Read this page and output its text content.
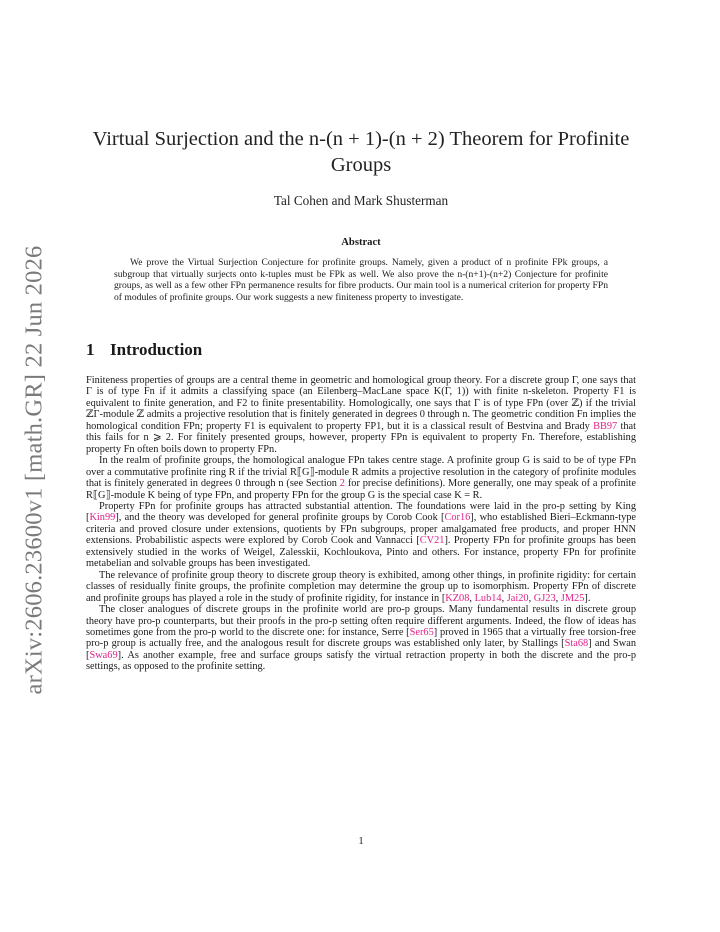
arXiv:2606.23600v1 [math.GR] 22 Jun 2026
Virtual Surjection and the n-(n + 1)-(n + 2) Theorem for Profinite Groups
Tal Cohen and Mark Shusterman
Abstract
We prove the Virtual Surjection Conjecture for profinite groups. Namely, given a product of n profinite FPk groups, a subgroup that virtually surjects onto k-tuples must be FPk as well. We also prove the n-(n+1)-(n+2) Conjecture for profinite groups, as well as a few other FPn permanence results for fibre products. Our main tool is a numerical criterion for property FPn of modules of profinite groups. Our work suggests a new finiteness property to investigate.
1 Introduction

Finiteness properties of groups are a central theme in geometric and homological group theory. For a discrete group Γ, one says that Γ is of type Fn if it admits a classifying space (an Eilenberg–MacLane space K(Γ, 1)) with finite n-skeleton. Property F1 is equivalent to finite generation, and F2 to finite presentability. Homologically, one says that Γ is of type FPn (over ℤ) if the trivial ℤΓ-module ℤ admits a projective resolution that is finitely generated in degrees 0 through n. The geometric condition Fn implies the homological condition FPn; property F1 is equivalent to property FP1, but it is a classical result of Bestvina and Brady BB97 that this fails for n ⩾ 2. For finitely presented groups, however, property FPn is equivalent to property Fn. Therefore, establishing property Fn often boils down to property FPn.

In the realm of profinite groups, the homological analogue FPn takes centre stage. A profinite group G is said to be of type FPn over a commutative profinite ring R if the trivial R⟦G⟧-module R admits a projective resolution in the category of profinite modules that is finitely generated in degrees 0 through n (see Section 2 for precise definitions). More generally, one may speak of a profinite R⟦G⟧-module K being of type FPn, and property FPn for the group G is the special case K = R.

Property FPn for profinite groups has attracted substantial attention. The foundations were laid in the pro-p setting by King [Kin99], and the theory was developed for general profinite groups by Corob Cook [Cor16], who established Bieri–Eckmann-type criteria and proved closure under extensions, quotients by FPn subgroups, proper amalgamated free products, and proper HNN extensions. Probabilistic aspects were explored by Corob Cook and Vannacci [CV21]. Property FPn for profinite groups has been extensively studied in the works of Weigel, Zalesskii, Kochloukova, Pinto and others. For instance, property FPn for profinite metabelian and solvable groups has been investigated.

The relevance of profinite group theory to discrete group theory is exhibited, among other things, in profinite rigidity: for certain classes of residually finite groups, the profinite completion may determine the group up to isomorphism. Property FPn of discrete and profinite groups has played a role in the study of profinite rigidity, for instance in [KZ08, Lub14, Jai20, GJ23, JM25].

The closer analogues of discrete groups in the profinite world are pro-p groups. Many fundamental results in discrete group theory have pro-p counterparts, but their proofs in the pro-p setting often require different arguments. Indeed, the flow of ideas has sometimes gone from the pro-p world to the discrete one: for instance, Serre [Ser65] proved in 1965 that a virtually free torsion-free pro-p group is actually free, and the analogous result for discrete groups was established only later, by Stallings [Sta68] and Swan [Swa69]. As another example, free and surface groups satisfy the virtual retraction property in both the discrete and the pro-p settings, as opposed to the profinite setting.

1
